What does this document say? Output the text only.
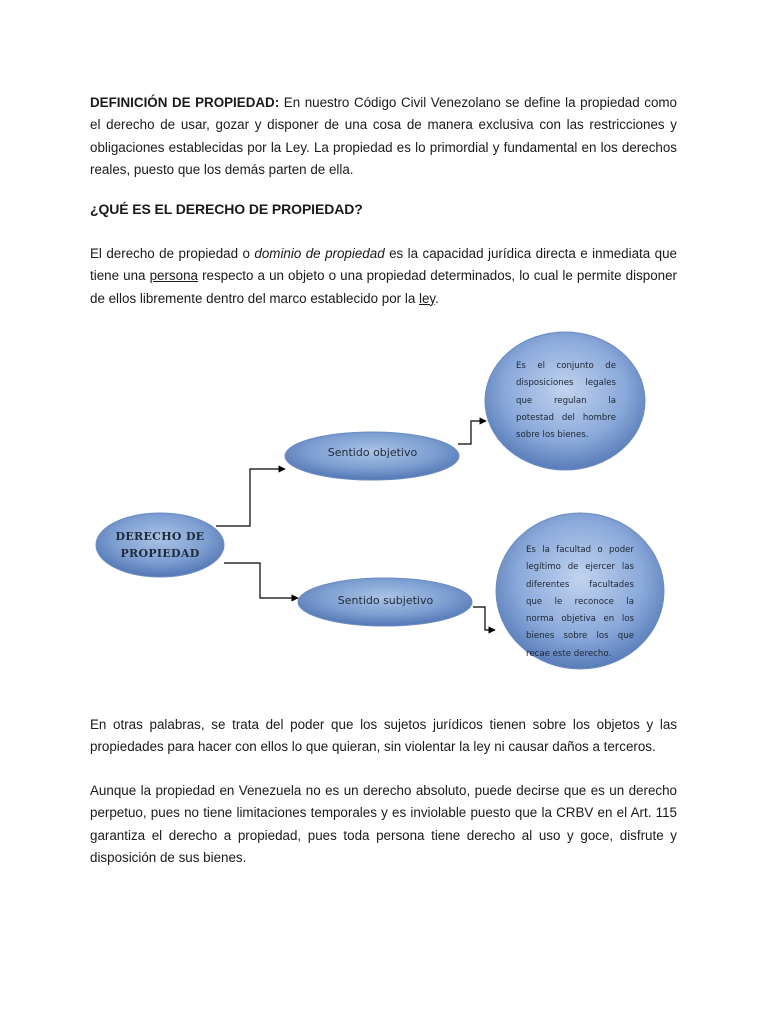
DEFINICIÓN DE PROPIEDAD: En nuestro Código Civil Venezolano se define la propiedad como el derecho de usar, gozar y disponer de una cosa de manera exclusiva con las restricciones y obligaciones establecidas por la Ley. La propiedad es lo primordial y fundamental en los derechos reales, puesto que los demás parten de ella.

¿QUÉ ES EL DERECHO DE PROPIEDAD?

El derecho de propiedad o dominio de propiedad es la capacidad jurídica directa e inmediata que tiene una persona respecto a un objeto o una propiedad determinados, lo cual le permite disponer de ellos libremente dentro del marco establecido por la ley.

DERECHO DE PROPIEDAD
Sentido objetivo
Sentido subjetivo
Es el conjunto de disposiciones legales que regulan la potestad del hombre sobre los bienes.
Es la facultad o poder legítimo de ejercer las diferentes facultades que le reconoce la norma objetiva en los bienes sobre los que recae este derecho.

En otras palabras, se trata del poder que los sujetos jurídicos tienen sobre los objetos y las propiedades para hacer con ellos lo que quieran, sin violentar la ley ni causar daños a terceros.

Aunque la propiedad en Venezuela no es un derecho absoluto, puede decirse que es un derecho perpetuo, pues no tiene limitaciones temporales y es inviolable puesto que la CRBV en el Art. 115 garantiza el derecho a propiedad, pues toda persona tiene derecho al uso y goce, disfrute y disposición de sus bienes.
